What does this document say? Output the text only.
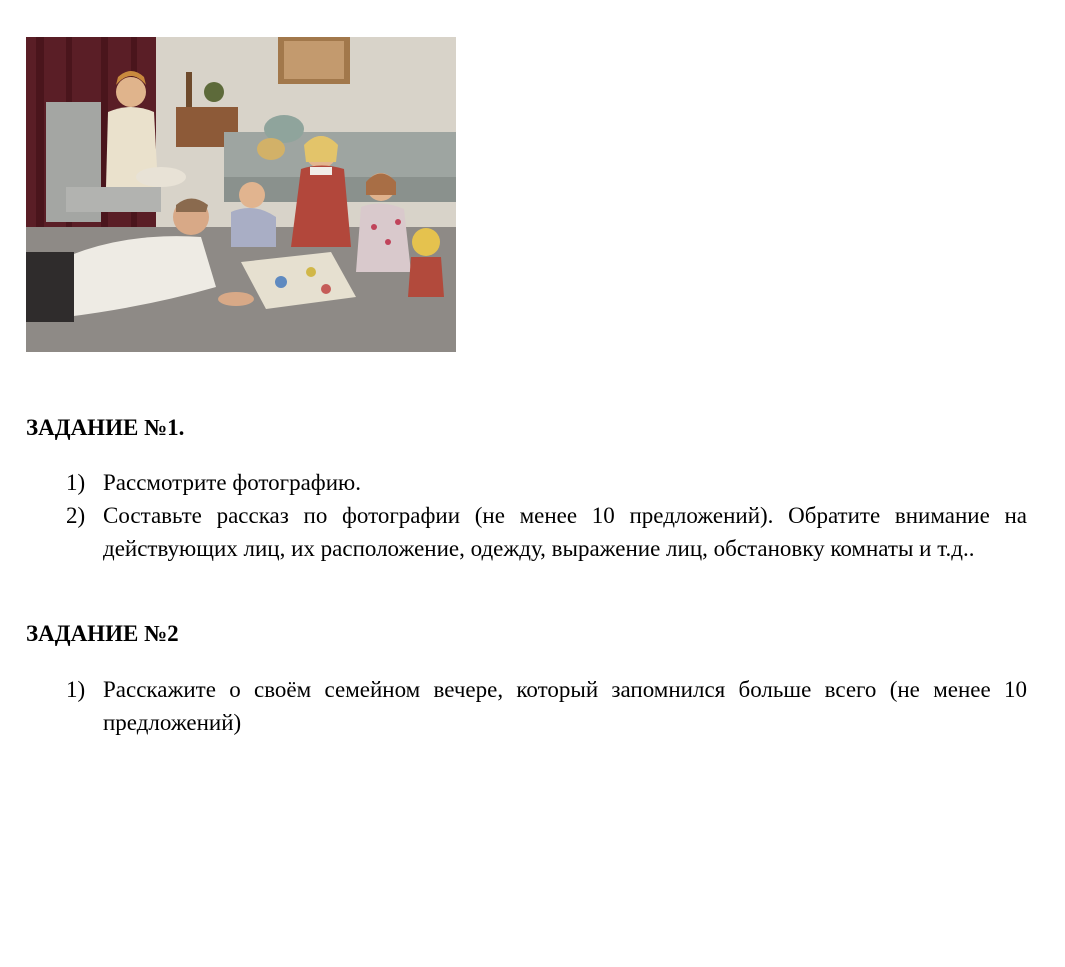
ЗАДАНИЕ №1.
1) Рассмотрите фотографию.
2) Составьте рассказ по фотографии (не менее 10 предложений). Обратите внимание на действующих лиц, их расположение, одежду, выражение лиц, обстановку комнаты и т.д..
ЗАДАНИЕ №2
1) Расскажите о своём семейном вечере, который запомнился больше всего (не менее 10 предложений)
